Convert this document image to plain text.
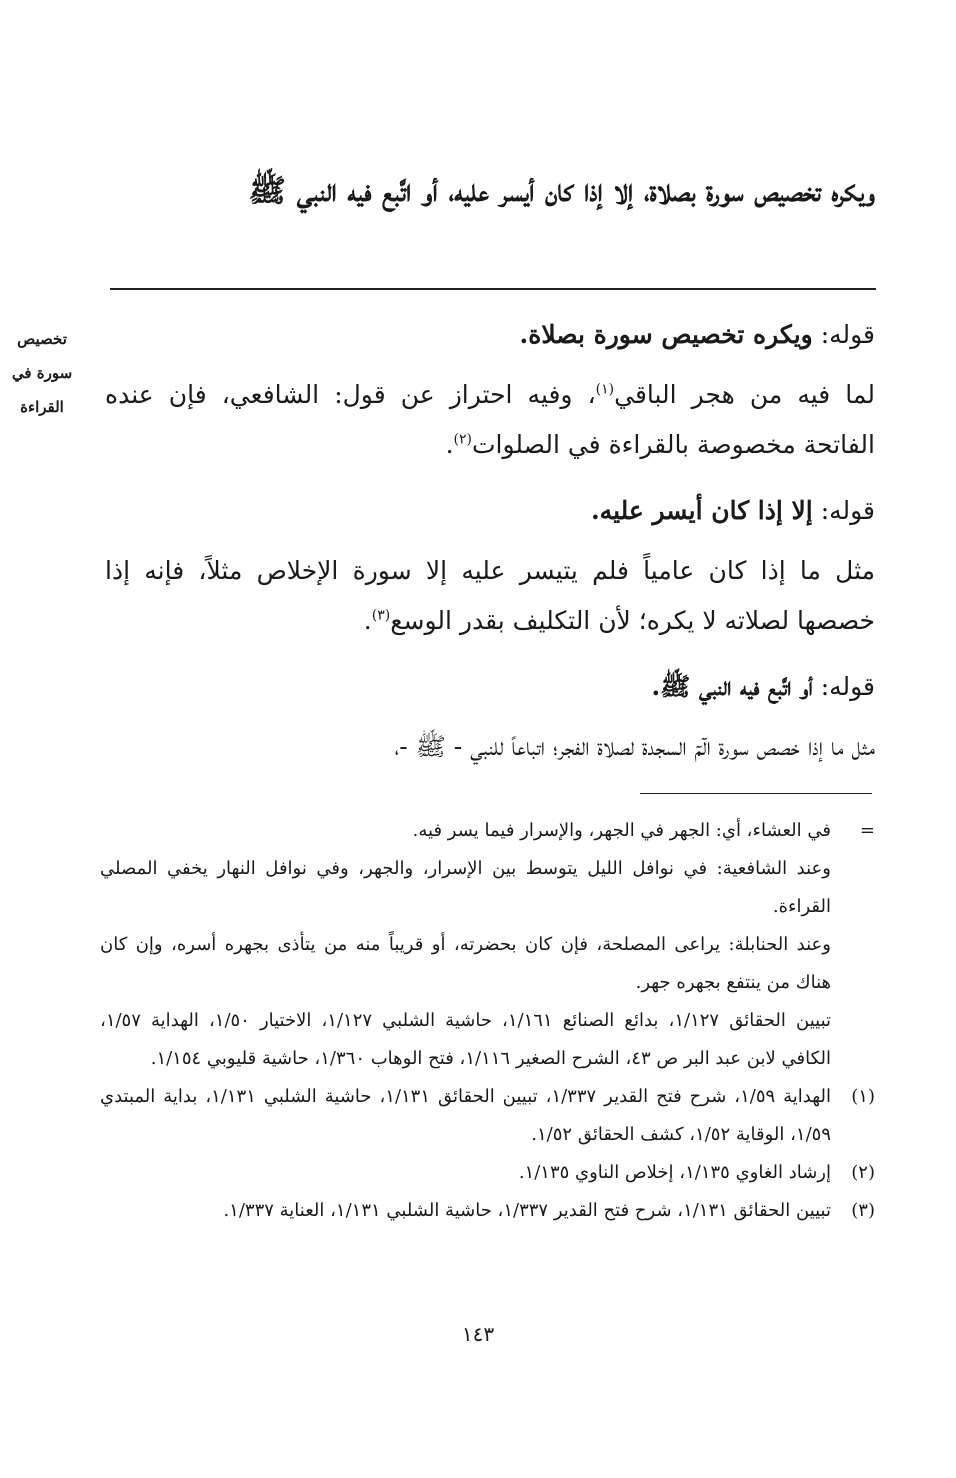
ويكره تخصيص سورة بصلاة، إلا إذا كان أيسر عليه، أو اتَّبع فيه النبي ﷺ
تخصيص سورة في القراءة
قوله: ويكره تخصيص سورة بصلاة.
لما فيه من هجر الباقي$^{(١)}$، وفيه احتراز عن قول: الشافعي، فإن عنده الفاتحة مخصوصة بالقراءة في الصلوات$^{(٢)}$.
قوله: إلا إذا كان أيسر عليه.
مثل ما إذا كان عامياً فلم يتيسر عليه إلا سورة الإخلاص مثلاً، فإنه إذا خصصها لصلاته لا يكره؛ لأن التكليف بقدر الوسع$^{(٣)}$.
قوله: أو اتَّبع فيه النبي ﷺ.
مثل ما إذا خصص سورة الٓمٓ السجدة لصلاة الفجر؛ اتباعاً للنبي - ﷺ -،
=
في العشاء، أي: الجهر في الجهر، والإسرار فيما يسر فيه.
وعند الشافعية: في نوافل الليل يتوسط بين الإسرار، والجهر، وفي نوافل النهار يخفي المصلي القراءة.
وعند الحنابلة: يراعى المصلحة، فإن كان بحضرته، أو قريباً منه من يتأذى بجهره أسره، وإن كان هناك من ينتفع بجهره جهر.
تبيين الحقائق ١/١٢٧، بدائع الصنائع ١/١٦١، حاشية الشلبي ١/١٢٧، الاختيار ١/٥٠، الهداية ١/٥٧، الكافي لابن عبد البر ص ٤٣، الشرح الصغير ١/١١٦، فتح الوهاب ١/٣٦٠، حاشية قليوبي ١/١٥٤.
(١)
الهداية ١/٥٩، شرح فتح القدير ١/٣٣٧، تبيين الحقائق ١/١٣١، حاشية الشلبي ١/١٣١، بداية المبتدي ١/٥٩، الوقاية ١/٥٢، كشف الحقائق ١/٥٢.
(٢)
إرشاد الغاوي ١/١٣٥، إخلاص الناوي ١/١٣٥.
(٣)
تبيين الحقائق ١/١٣١، شرح فتح القدير ١/٣٣٧، حاشية الشلبي ١/١٣١، العناية ١/٣٣٧.
١٤٣
